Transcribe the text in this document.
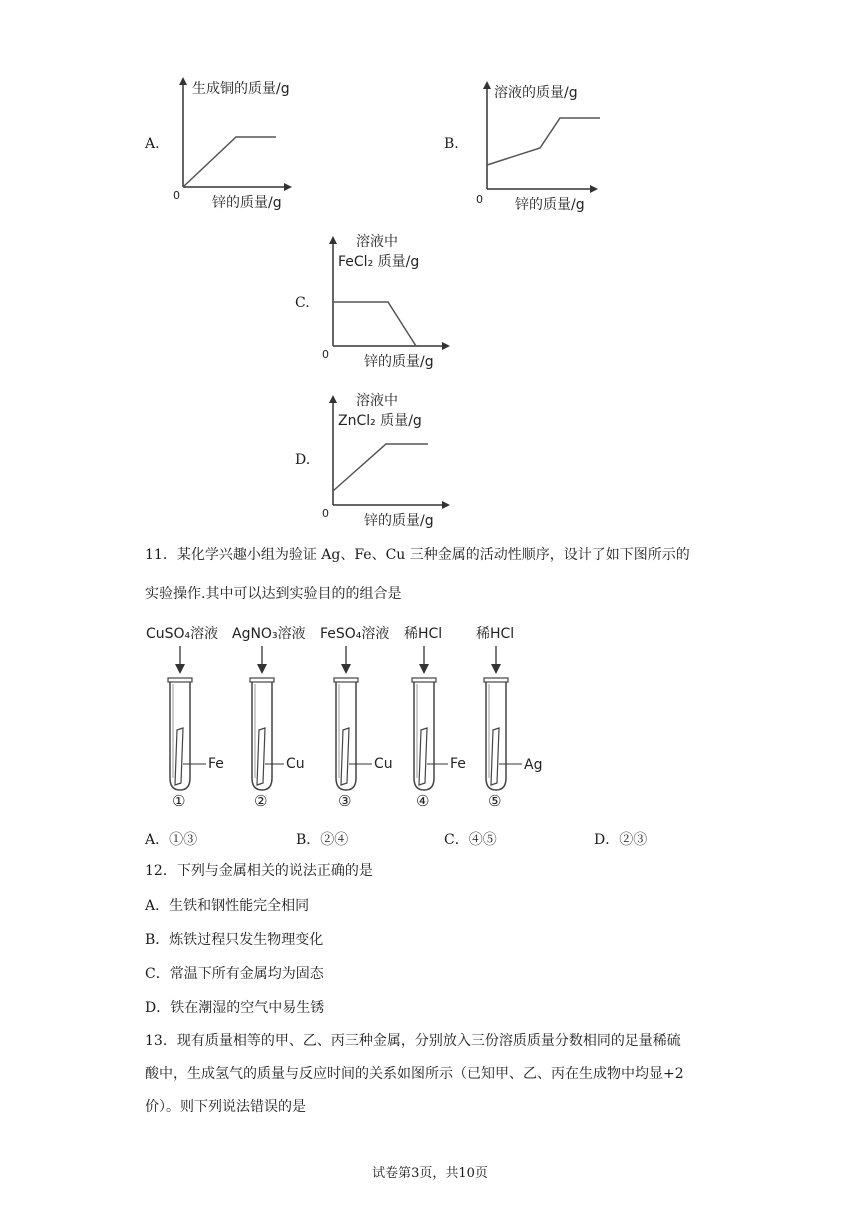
A.
生成铜的质量/g
锌的质量/g
0
B.
溶液的质量/g
锌的质量/g
0
C.
溶液中
FeCl₂ 质量/g
锌的质量/g
0
D.
溶液中
ZnCl₂ 质量/g
锌的质量/g
0
11．某化学兴趣小组为验证 Ag、Fe、Cu 三种金属的活动性顺序，设计了如下图所示的
实验操作.其中可以达到实验目的的组合是
CuSO₄溶液
Fe
①
AgNO₃溶液
Cu
②
FeSO₄溶液
Cu
③
稀HCl
Fe
④
稀HCl
Ag
⑤
A．①③	B．②④	C．④⑤	D．②③
12．下列与金属相关的说法正确的是
A．生铁和钢性能完全相同
B．炼铁过程只发生物理变化
C．常温下所有金属均为固态
D．铁在潮湿的空气中易生锈
13．现有质量相等的甲、乙、丙三种金属，分别放入三份溶质质量分数相同的足量稀硫
酸中，生成氢气的质量与反应时间的关系如图所示（已知甲、乙、丙在生成物中均显+2
价）。则下列说法错误的是
试卷第3页，共10页
